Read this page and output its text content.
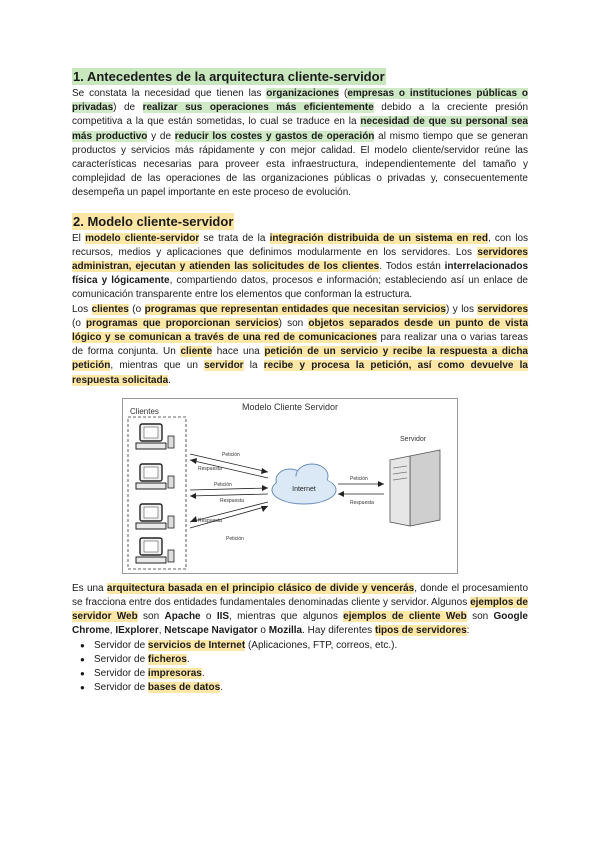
1. Antecedentes de la arquitectura cliente-servidor

Se constata la necesidad que tienen las organizaciones (empresas o instituciones públicas o privadas) de realizar sus operaciones más eficientemente debido a la creciente presión competitiva a la que están sometidas, lo cual se traduce en la necesidad de que su personal sea más productivo y de reducir los costes y gastos de operación al mismo tiempo que se generan productos y servicios más rápidamente y con mejor calidad. El modelo cliente/servidor reúne las características necesarias para proveer esta infraestructura, independientemente del tamaño y complejidad de las operaciones de las organizaciones públicas o privadas y, consecuentemente desempeña un papel importante en este proceso de evolución.

2. Modelo cliente-servidor

El modelo cliente-servidor se trata de la integración distribuida de un sistema en red, con los recursos, medios y aplicaciones que definimos modularmente en los servidores. Los servidores administran, ejecutan y atienden las solicitudes de los clientes. Todos están interrelacionados física y lógicamente, compartiendo datos, procesos e información; estableciendo así un enlace de comunicación transparente entre los elementos que conforman la estructura.

Los clientes (o programas que representan entidades que necesitan servicios) y los servidores (o programas que proporcionan servicios) son objetos separados desde un punto de vista lógico y se comunican a través de una red de comunicaciones para realizar una o varias tareas de forma conjunta. Un cliente hace una petición de un servicio y recibe la respuesta a dicha petición, mientras que un servidor la recibe y procesa la petición, así como devuelve la respuesta solicitada.

Modelo Cliente Servidor
Clientes
Internet
Servidor
Petición
Respuesta
Petición
Respuesta
Respuesta
Petición
Petición
Respuesta

Es una arquitectura basada en el principio clásico de divide y vencerás, donde el procesamiento se fracciona entre dos entidades fundamentales denominadas cliente y servidor. Algunos ejemplos de servidor Web son Apache o IIS, mientras que algunos ejemplos de cliente Web son Google Chrome, IExplorer, Netscape Navigator o Mozilla. Hay diferentes tipos de servidores:

● Servidor de servicios de Internet (Aplicaciones, FTP, correos, etc.).
● Servidor de ficheros.
● Servidor de impresoras.
● Servidor de bases de datos.
